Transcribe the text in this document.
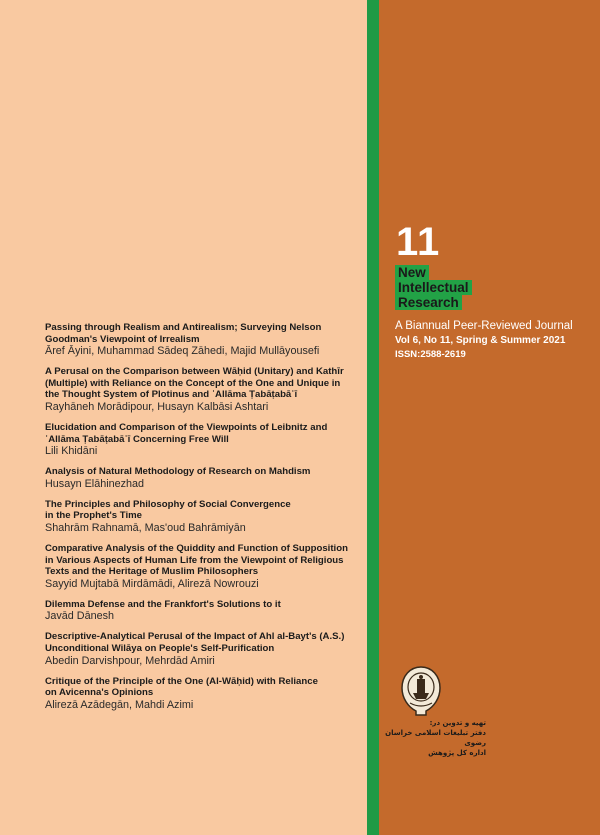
11
New
Intellectual
Research
A Biannual Peer-Reviewed Journal
Vol 6, No 11, Spring & Summer 2021
ISSN:2588-2619
Passing through Realism and Antirealism; Surveying Nelson
Goodman's Viewpoint of Irrealism
Āref Āyini, Muhammad Sādeq Zāhedi, Majid Mullāyousefi
A Perusal on the Comparison between Wāḥid (Unitary) and Kathīr
(Multiple) with Reliance on the Concept of the One and Unique in
the Thought System of Plotinus and ʿAllāma Ṭabāṭabāʾī
Rayhāneh Morādipour, Husayn Kalbāsi Ashtari
Elucidation and Comparison of the Viewpoints of Leibnitz and
ʿAllāma Ṭabāṭabāʾī Concerning Free Will
Lili Khidāni
Analysis of Natural Methodology of Research on Mahdism
Husayn Elāhinezhad
The Principles and Philosophy of Social Convergence
in the Prophet's Time
Shahrām Rahnamā, Mas'oud Bahrāmiyān
Comparative Analysis of the Quiddity and Function of Supposition
in Various Aspects of Human Life from the Viewpoint of Religious
Texts and the Heritage of Muslim Philosophers
Sayyid Mujtabā Mirdāmādi, Alirezā Nowrouzi
Dilemma Defense and the Frankfort's Solutions to it
Javād Dānesh
Descriptive-Analytical Perusal of the Impact of Ahl al-Bayt's (A.S.)
Unconditional Wilāya on People's Self-Purification
Abedin Darvishpour, Mehrdād Amiri
Critique of the Principle of the One (Al-Wāḥid) with Reliance
on Avicenna's Opinions
Alirezā Azādegān, Mahdi Azimi
تهیه و تدوین در:
دفتر تبلیغات اسلامی خراسان رضوی
اداره کل پژوهش
